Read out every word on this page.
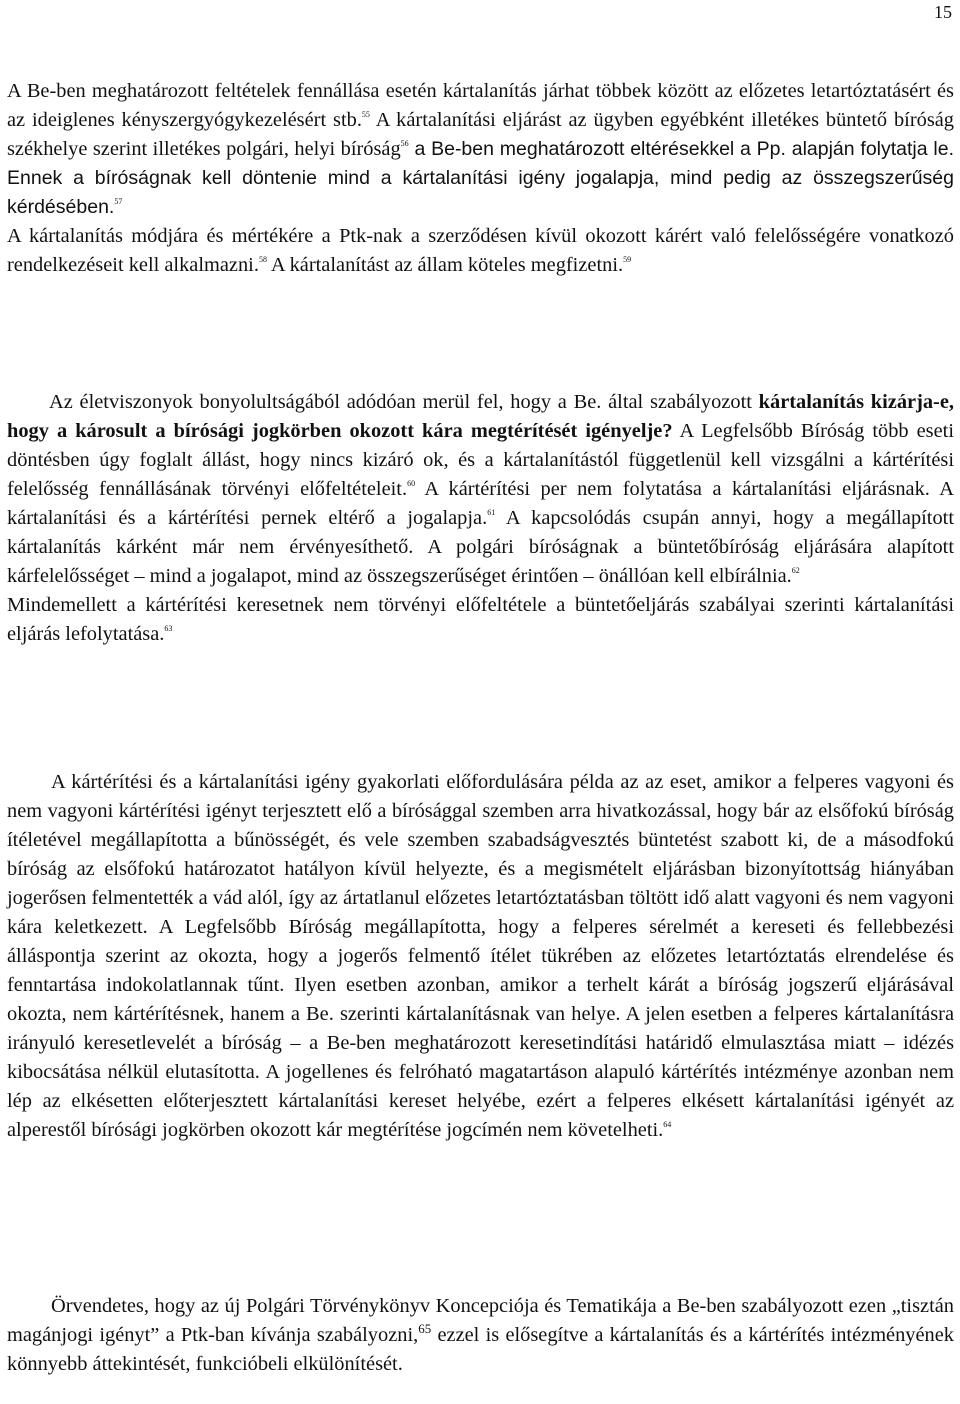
15

A Be-ben meghatározott feltételek fennállása esetén kártalanítás járhat többek között az előzetes letartóztatásért és az ideiglenes kényszergyógykezelésért stb.$^{55}$ A kártalanítási eljárást az ügyben egyébként illetékes büntető bíróság székhelye szerint illetékes polgári, helyi bíróság$^{56}$ a Be-ben meghatározott eltérésekkel a Pp. alapján folytatja le. Ennek a bíróságnak kell döntenie mind a kártalanítási igény jogalapja, mind pedig az összegszerűség kérdésében.$^{57}$
A kártalanítás módjára és mértékére a Ptk-nak a szerződésen kívül okozott kárért való felelősségére vonatkozó rendelkezéseit kell alkalmazni.$^{58}$ A kártalanítást az állam köteles megfizetni.$^{59}$

Az életviszonyok bonyolultságából adódóan merül fel, hogy a Be. által szabályozott kártalanítás kizárja-e, hogy a károsult a bírósági jogkörben okozott kára megtérítését igényelje? A Legfelsőbb Bíróság több eseti döntésben úgy foglalt állást, hogy nincs kizáró ok, és a kártalanítástól függetlenül kell vizsgálni a kártérítési felelősség fennállásának törvényi előfeltételeit.$^{60}$ A kártérítési per nem folytatása a kártalanítási eljárásnak. A kártalanítási és a kártérítési pernek eltérő a jogalapja.$^{61}$ A kapcsolódás csupán annyi, hogy a megállapított kártalanítás kárként már nem érvényesíthető. A polgári bíróságnak a büntetőbíróság eljárására alapított kárfelelősséget – mind a jogalapot, mind az összegszerűséget érintően – önállóan kell elbírálnia.$^{62}$
Mindemellett a kártérítési keresetnek nem törvényi előfeltétele a büntetőeljárás szabályai szerinti kártalanítási eljárás lefolytatása.$^{63}$

A kártérítési és a kártalanítási igény gyakorlati előfordulására példa az az eset, amikor a felperes vagyoni és nem vagyoni kártérítési igényt terjesztett elő a bírósággal szemben arra hivatkozással, hogy bár az elsőfokú bíróság ítéletével megállapította a bűnösségét, és vele szemben szabadságvesztés büntetést szabott ki, de a másodfokú bíróság az elsőfokú határozatot hatályon kívül helyezte, és a megismételt eljárásban bizonyítottság hiányában jogerősen felmentették a vád alól, így az ártatlanul előzetes letartóztatásban töltött idő alatt vagyoni és nem vagyoni kára keletkezett. A Legfelsőbb Bíróság megállapította, hogy a felperes sérelmét a kereseti és fellebbezési álláspontja szerint az okozta, hogy a jogerős felmentő ítélet tükrében az előzetes letartóztatás elrendelése és fenntartása indokolatlannak tűnt. Ilyen esetben azonban, amikor a terhelt kárát a bíróság jogszerű eljárásával okozta, nem kártérítésnek, hanem a Be. szerinti kártalanításnak van helye. A jelen esetben a felperes kártalanításra irányuló keresetlevelét a bíróság – a Be-ben meghatározott keresetindítási határidő elmulasztása miatt – idézés kibocsátása nélkül elutasította. A jogellenes és felróható magatartáson alapuló kártérítés intézménye azonban nem lép az elkésetten előterjesztett kártalanítási kereset helyébe, ezért a felperes elkésett kártalanítási igényét az alperestől bírósági jogkörben okozott kár megtérítése jogcímén nem követelheti.$^{64}$

Örvendetes, hogy az új Polgári Törvénykönyv Koncepciója és Tematikája a Be-ben szabályozott ezen „tisztán magánjogi igényt” a Ptk-ban kívánja szabályozni,$^{65}$ ezzel is elősegítve a kártalanítás és a kártérítés intézményének könnyebb áttekintését, funkcióbeli elkülönítését.
